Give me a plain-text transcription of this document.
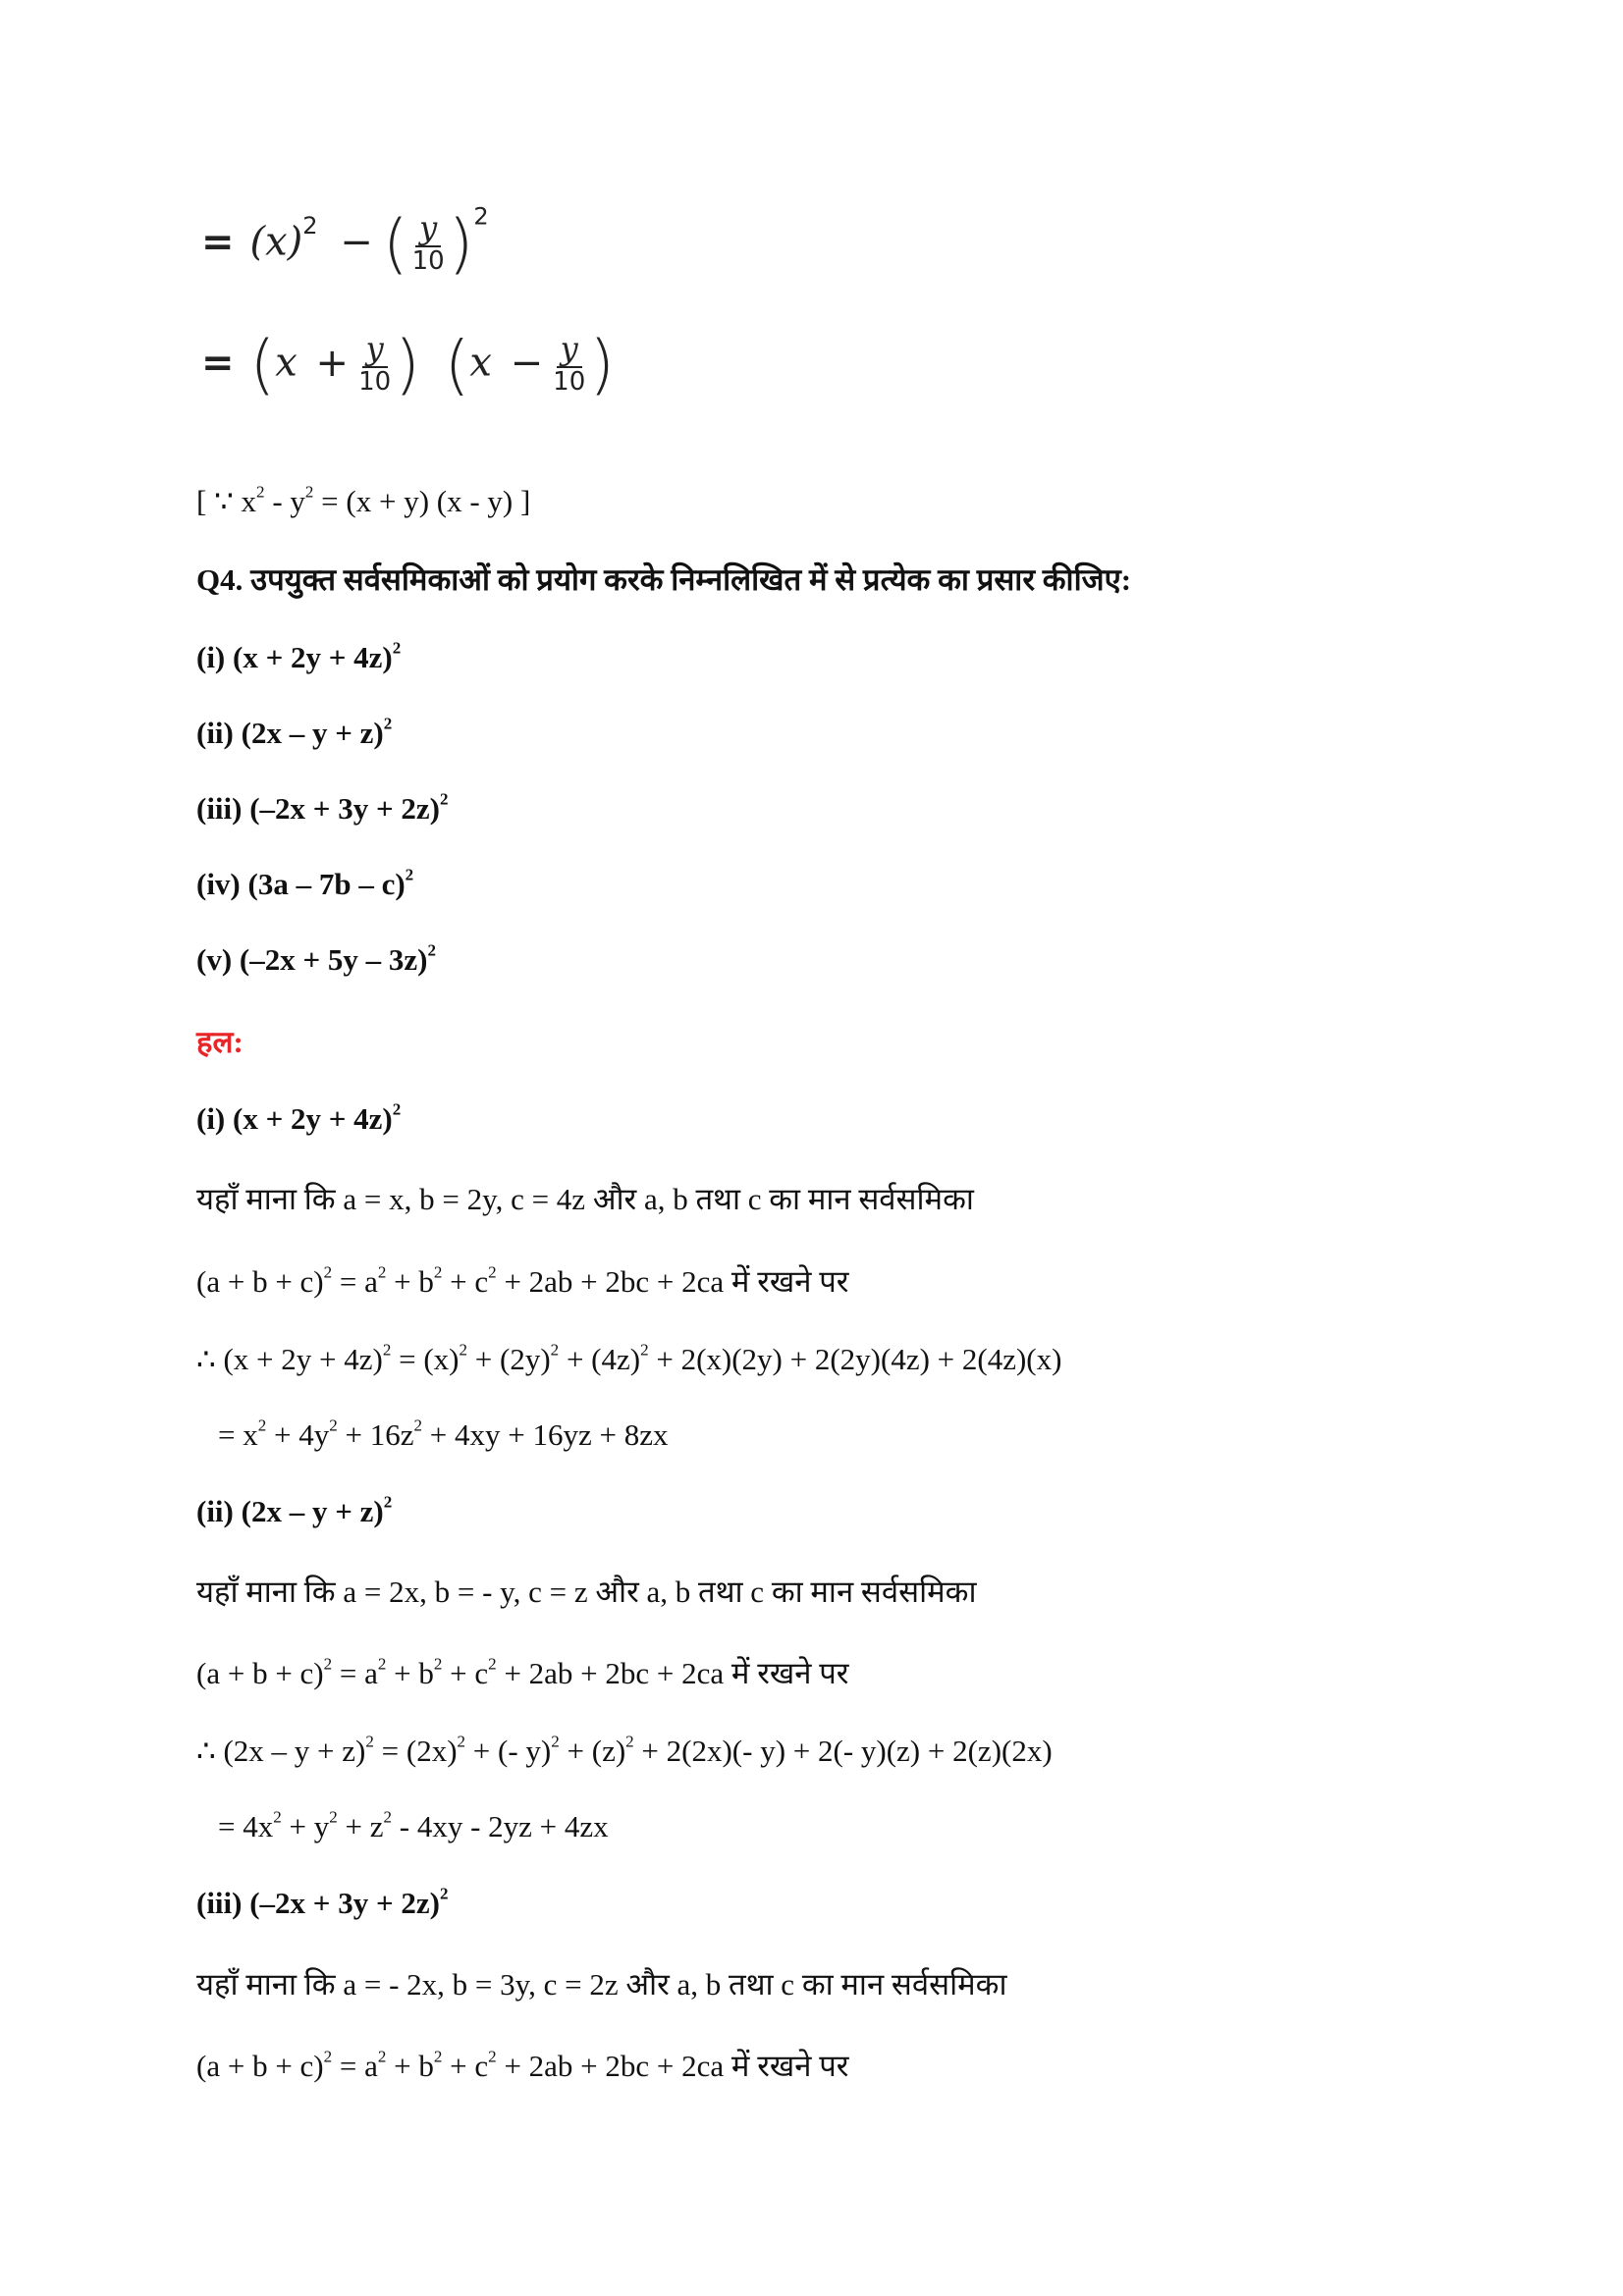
= $(x)^2$ − ( $\frac{y}{10} )^2$
= ($x + \frac{y}{10}$ ) ($x - \frac{y}{10}$ )
[ ∵ $x^2 - y^2 = (x + y)$ (x - y) ]
Q4. उपयुक्त सर्वसमिकाओं को प्रयोग करके निम्नलिखित में से प्रत्येक का प्रसार कीजिए:
(i) $(x + 2y + 4z)^2$
(ii) $(2x - y + z)^2$
(iii) $(-2x + 3y + 2z)^2$
(iv) (3a – 7b – c)$^2$
(v) $(-2x + 5y - 3z)^2$
हल:
(i) $(x + 2y + 4z)^2$
यहाँ माना कि a = x, b = 2y, c = 4z और a, b तथा c का मान सर्वसमिका
$(a + b + c)^2 = a^2 + b^2 + c^2 + 2ab + 2bc + 2ca$ में रखने पर
∴ $(x + 2y + 4z)^2 = (x)^2 + (2y)^2 + (4z)^2 + 2(x)(2y) + 2(2y)(4z) + 2(4z)(x)$
= $x^2 + 4y^2 + 16z^2 + 4xy + 16yz + 8zx$
(ii) $(2x - y + z)^2$
यहाँ माना कि a = 2x, b = - y, c = z और a, b तथा c का मान सर्वसमिका
$(a + b + c)^2 = a^2 + b^2 + c^2 + 2ab + 2bc + 2ca$ में रखने पर
∴ $(2x - y + z)^2 = (2x)^2$ + (- $y)^2 + (z)^2 + 2(2x)(-$ y) + 2(- y)(z) + 2(z)(2x)
= $4x^2 + y^2 + z^2 - 4xy - 2yz + 4zx$
(iii) $(-2x + 3y + 2z)^2$
यहाँ माना कि a = - 2x, b = 3y, c = 2z और a, b तथा c का मान सर्वसमिका
$(a + b + c)^2 = a^2 + b^2 + c^2 + 2ab + 2bc + 2ca$ में रखने पर
